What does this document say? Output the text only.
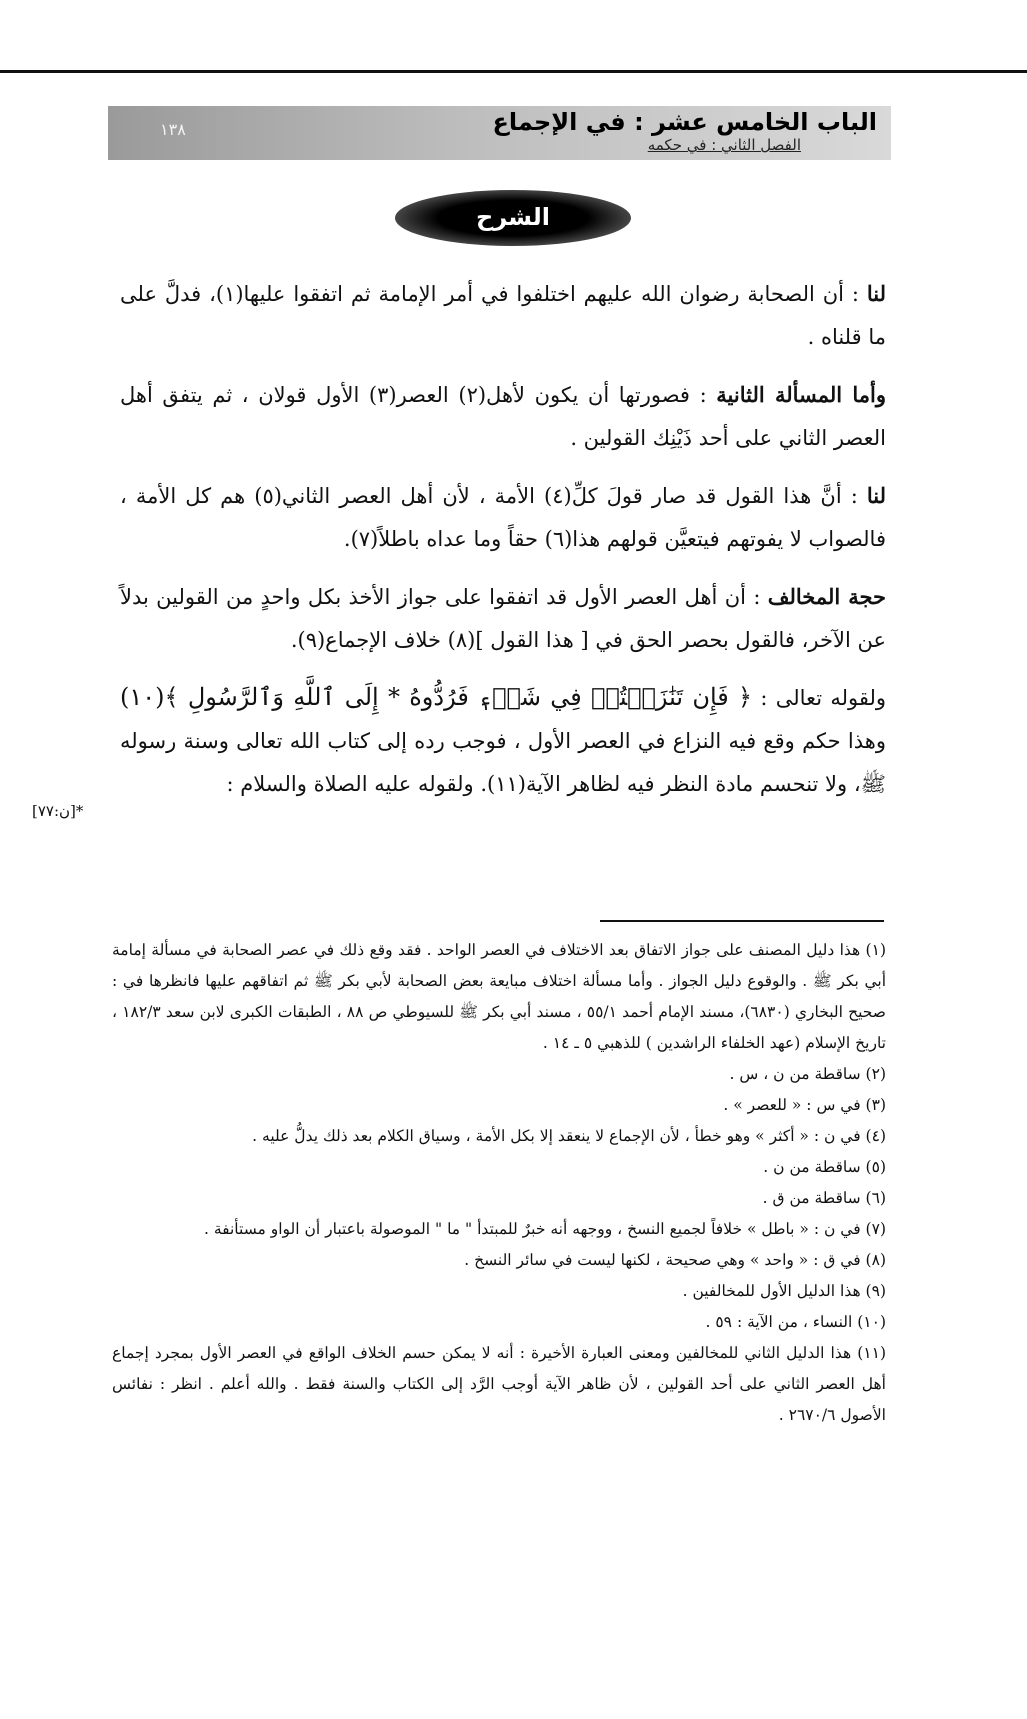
الباب الخامس عشر : في الإجماع
الفصل الثاني : في حكمه
١٣٨
الشرح

لنا : أن الصحابة رضوان الله عليهم اختلفوا في أمر الإمامة ثم اتفقوا عليها(١)، فدلَّ على ما قلناه .

وأما المسألة الثانية : فصورتها أن يكون لأهل(٢) العصر(٣) الأول قولان ، ثم يتفق أهل العصر الثاني على أحد ذَيْنِك القولين .

لنا : أنَّ هذا القول قد صار قولَ كلِّ(٤) الأمة ، لأن أهل العصر الثاني(٥) هم كل الأمة ، فالصواب لا يفوتهم فيتعيَّن قولهم هذا(٦) حقاً وما عداه باطلاً(٧).

حجة المخالف : أن أهل العصر الأول قد اتفقوا على جواز الأخذ بكل واحدٍ من القولين بدلاً عن الآخر، فالقول بحصر الحق في [ هذا القول ](٨) خلاف الإجماع(٩).

ولقوله تعالى : ﴿ فَإِن تَنَٰزَعۡتُمۡ فِي شَيۡءٖ فَرُدُّوهُ * إِلَى ٱللَّهِ وَٱلرَّسُولِ ﴾(١٠) وهذا حكم وقع فيه النزاع في العصر الأول ، فوجب رده إلى كتاب الله تعالى وسنة رسوله ﷺ، ولا تنحسم مادة النظر فيه لظاهر الآية(١١). ولقوله عليه الصلاة والسلام :

*[ن:٧٧]

(١) هذا دليل المصنف على جواز الاتفاق بعد الاختلاف في العصر الواحد . فقد وقع ذلك في عصر الصحابة في مسألة إمامة أبي بكر ﷺ . والوقوع دليل الجواز . وأما مسألة اختلاف مبايعة بعض الصحابة لأبي بكر ﷺ ثم اتفاقهم عليها فانظرها في : صحيح البخاري (٦٨٣٠)، مسند الإمام أحمد ٥٥/١ ، مسند أبي بكر ﷺ للسيوطي ص ٨٨ ، الطبقات الكبرى لابن سعد ١٨٢/٣ ، تاريخ الإسلام (عهد الخلفاء الراشدين ) للذهبي ٥ ـ ١٤ .

(٢) ساقطة من ن ، س .

(٣) في س : « للعصر » .

(٤) في ن : « أكثر » وهو خطأ ، لأن الإجماع لا ينعقد إلا بكل الأمة ، وسياق الكلام بعد ذلك يدلُّ عليه .

(٥) ساقطة من ن .

(٦) ساقطة من ق .

(٧) في ن : « باطل » خلافاً لجميع النسخ ، ووجهه أنه خبرٌ للمبتدأ " ما " الموصولة باعتبار أن الواو مستأنفة .

(٨) في ق : « واحد » وهي صحيحة ، لكنها ليست في سائر النسخ .

(٩) هذا الدليل الأول للمخالفين .

(١٠) النساء ، من الآية : ٥٩ .

(١١) هذا الدليل الثاني للمخالفين ومعنى العبارة الأخيرة : أنه لا يمكن حسم الخلاف الواقع في العصر الأول بمجرد إجماع أهل العصر الثاني على أحد القولين ، لأن ظاهر الآية أوجب الرَّد إلى الكتاب والسنة فقط . والله أعلم . انظر : نفائس الأصول ٢٦٧٠/٦ .
